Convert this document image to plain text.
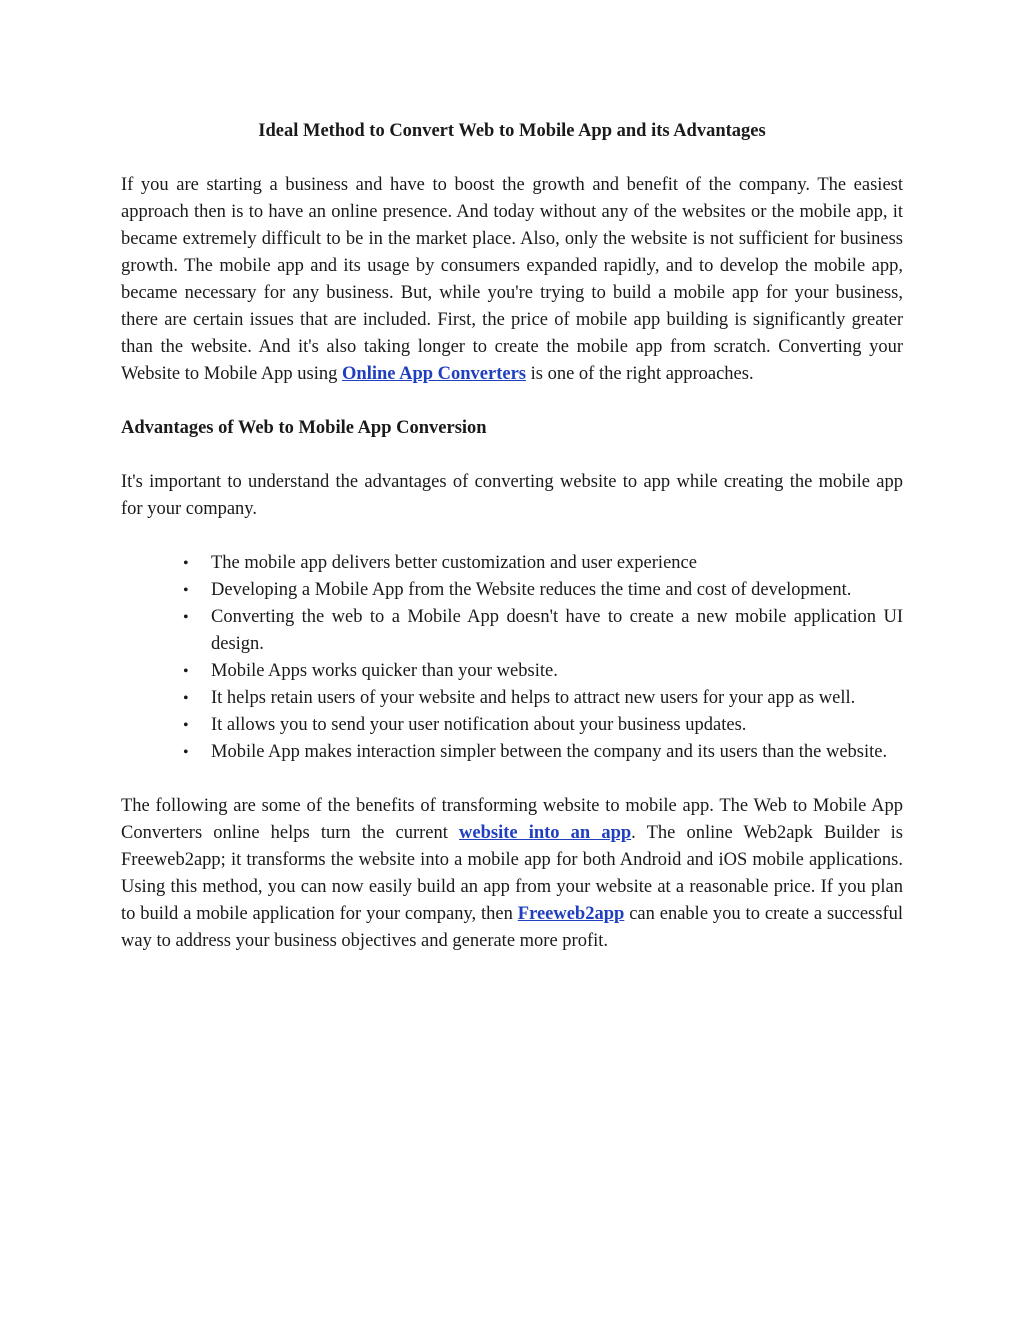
Ideal Method to Convert Web to Mobile App and its Advantages

If you are starting a business and have to boost the growth and benefit of the company. The easiest approach then is to have an online presence. And today without any of the websites or the mobile app, it became extremely difficult to be in the market place. Also, only the website is not sufficient for business growth. The mobile app and its usage by consumers expanded rapidly, and to develop the mobile app, became necessary for any business. But, while you're trying to build a mobile app for your business, there are certain issues that are included. First, the price of mobile app building is significantly greater than the website. And it's also taking longer to create the mobile app from scratch. Converting your Website to Mobile App using Online App Converters is one of the right approaches.

Advantages of Web to Mobile App Conversion

It's important to understand the advantages of converting website to app while creating the mobile app for your company.

• The mobile app delivers better customization and user experience
• Developing a Mobile App from the Website reduces the time and cost of development.
• Converting the web to a Mobile App doesn't have to create a new mobile application UI design.
• Mobile Apps works quicker than your website.
• It helps retain users of your website and helps to attract new users for your app as well.
• It allows you to send your user notification about your business updates.
• Mobile App makes interaction simpler between the company and its users than the website.

The following are some of the benefits of transforming website to mobile app. The Web to Mobile App Converters online helps turn the current website into an app. The online Web2apk Builder is Freeweb2app; it transforms the website into a mobile app for both Android and iOS mobile applications. Using this method, you can now easily build an app from your website at a reasonable price. If you plan to build a mobile application for your company, then Freeweb2app can enable you to create a successful way to address your business objectives and generate more profit.
